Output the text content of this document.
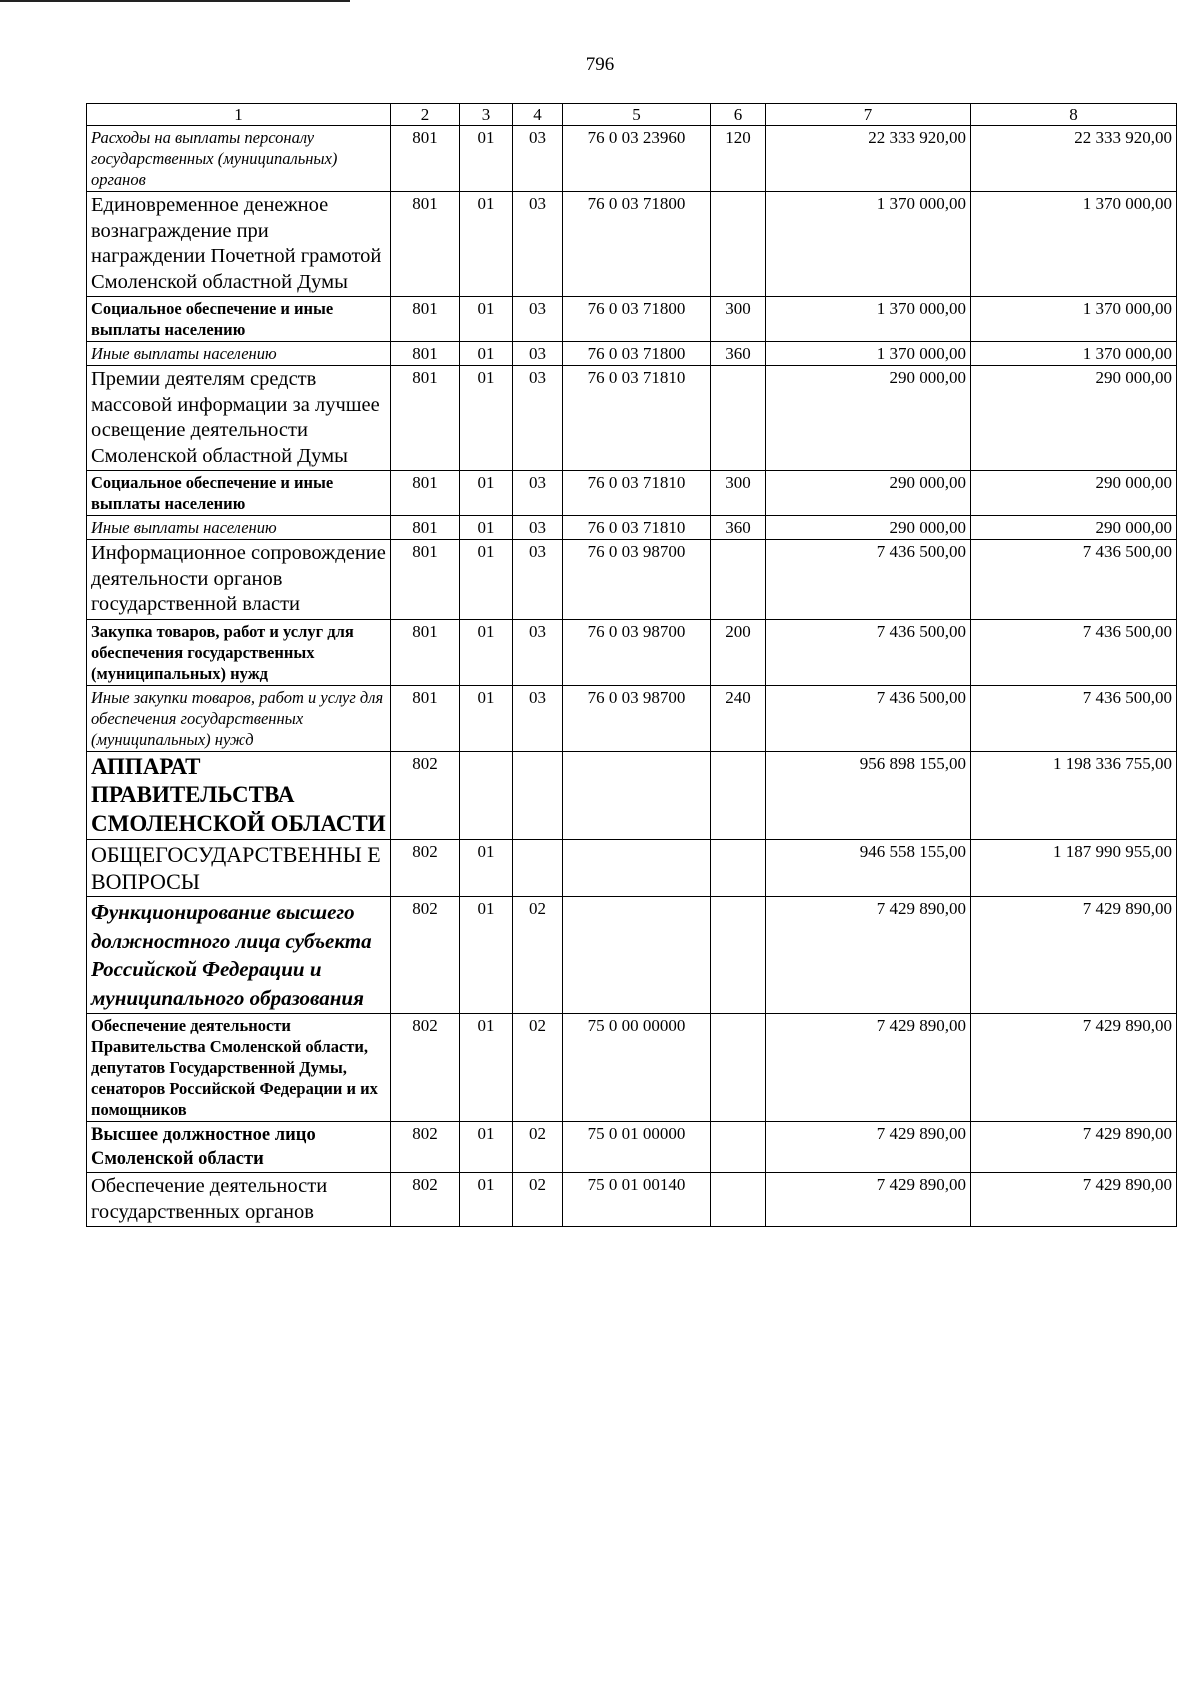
796
1	2	3	4	5	6	7	8
Расходы на выплаты персоналу государственных (муниципальных) органов	801	01	03	76 0 03 23960	120	22 333 920,00	22 333 920,00
Единовременное денежное вознаграждение при награждении Почетной грамотой Смоленской областной Думы	801	01	03	76 0 03 71800		1 370 000,00	1 370 000,00
Социальное обеспечение и иные выплаты населению	801	01	03	76 0 03 71800	300	1 370 000,00	1 370 000,00
Иные выплаты населению	801	01	03	76 0 03 71800	360	1 370 000,00	1 370 000,00
Премии деятелям средств массовой информации за лучшее освещение деятельности Смоленской областной Думы	801	01	03	76 0 03 71810		290 000,00	290 000,00
Социальное обеспечение и иные выплаты населению	801	01	03	76 0 03 71810	300	290 000,00	290 000,00
Иные выплаты населению	801	01	03	76 0 03 71810	360	290 000,00	290 000,00
Информационное сопровождение деятельности органов государственной власти	801	01	03	76 0 03 98700		7 436 500,00	7 436 500,00
Закупка товаров, работ и услуг для обеспечения государственных (муниципальных) нужд	801	01	03	76 0 03 98700	200	7 436 500,00	7 436 500,00
Иные закупки товаров, работ и услуг для обеспечения государственных (муниципальных) нужд	801	01	03	76 0 03 98700	240	7 436 500,00	7 436 500,00
АППАРАТ ПРАВИТЕЛЬСТВА СМОЛЕНСКОЙ ОБЛАСТИ	802					956 898 155,00	1 198 336 755,00
ОБЩЕГОСУДАРСТВЕННЫ Е ВОПРОСЫ	802	01				946 558 155,00	1 187 990 955,00
Функционирование высшего должностного лица субъекта Российской Федерации и муниципального образования	802	01	02			7 429 890,00	7 429 890,00
Обеспечение деятельности Правительства Смоленской области, депутатов Государственной Думы, сенаторов Российской Федерации и их помощников	802	01	02	75 0 00 00000		7 429 890,00	7 429 890,00
Высшее должностное лицо Смоленской области	802	01	02	75 0 01 00000		7 429 890,00	7 429 890,00
Обеспечение деятельности государственных органов	802	01	02	75 0 01 00140		7 429 890,00	7 429 890,00
